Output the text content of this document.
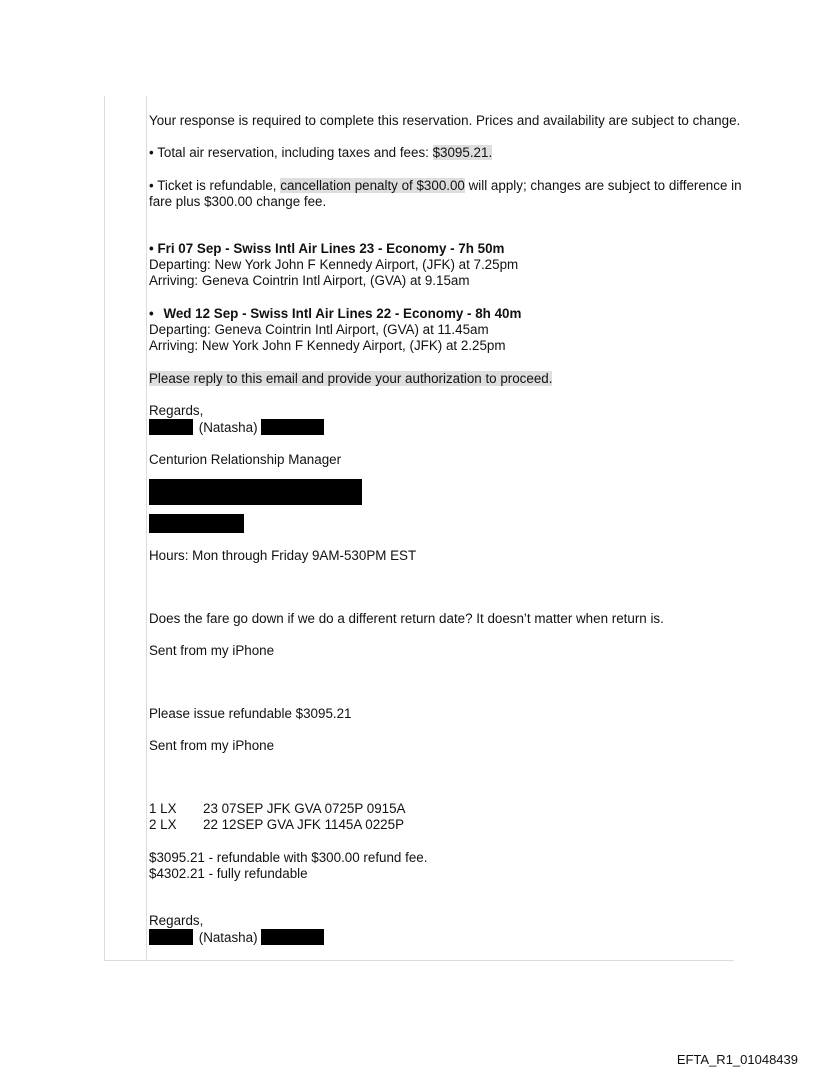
Your response is required to complete this reservation. Prices and availability are subject to change.
• Total air reservation, including taxes and fees: $3095.21.
• Ticket is refundable, cancellation penalty of $300.00 will apply; changes are subject to difference in
fare plus $300.00 change fee.
• Fri 07 Sep - Swiss Intl Air Lines 23 - Economy - 7h 50m
Departing: New York John F Kennedy Airport, (JFK) at 7.25pm
Arriving: Geneva Cointrin Intl Airport, (GVA) at 9.15am
• Wed 12 Sep - Swiss Intl Air Lines 22 - Economy - 8h 40m
Departing: Geneva Cointrin Intl Airport, (GVA) at 11.45am
Arriving: New York John F Kennedy Airport, (JFK) at 2.25pm
Please reply to this email and provide your authorization to proceed.
Regards,
(Natasha)
Centurion Relationship Manager
Hours: Mon through Friday 9AM-530PM EST
Does the fare go down if we do a different return date? It doesn’t matter when return is.
Sent from my iPhone
Please issue refundable $3095.21
Sent from my iPhone
1 LX 23 07SEP JFK GVA 0725P 0915A
2 LX 22 12SEP GVA JFK 1145A 0225P
$3095.21 - refundable with $300.00 refund fee.
$4302.21 - fully refundable
Regards,
(Natasha)
EFTA_R1_01048439
